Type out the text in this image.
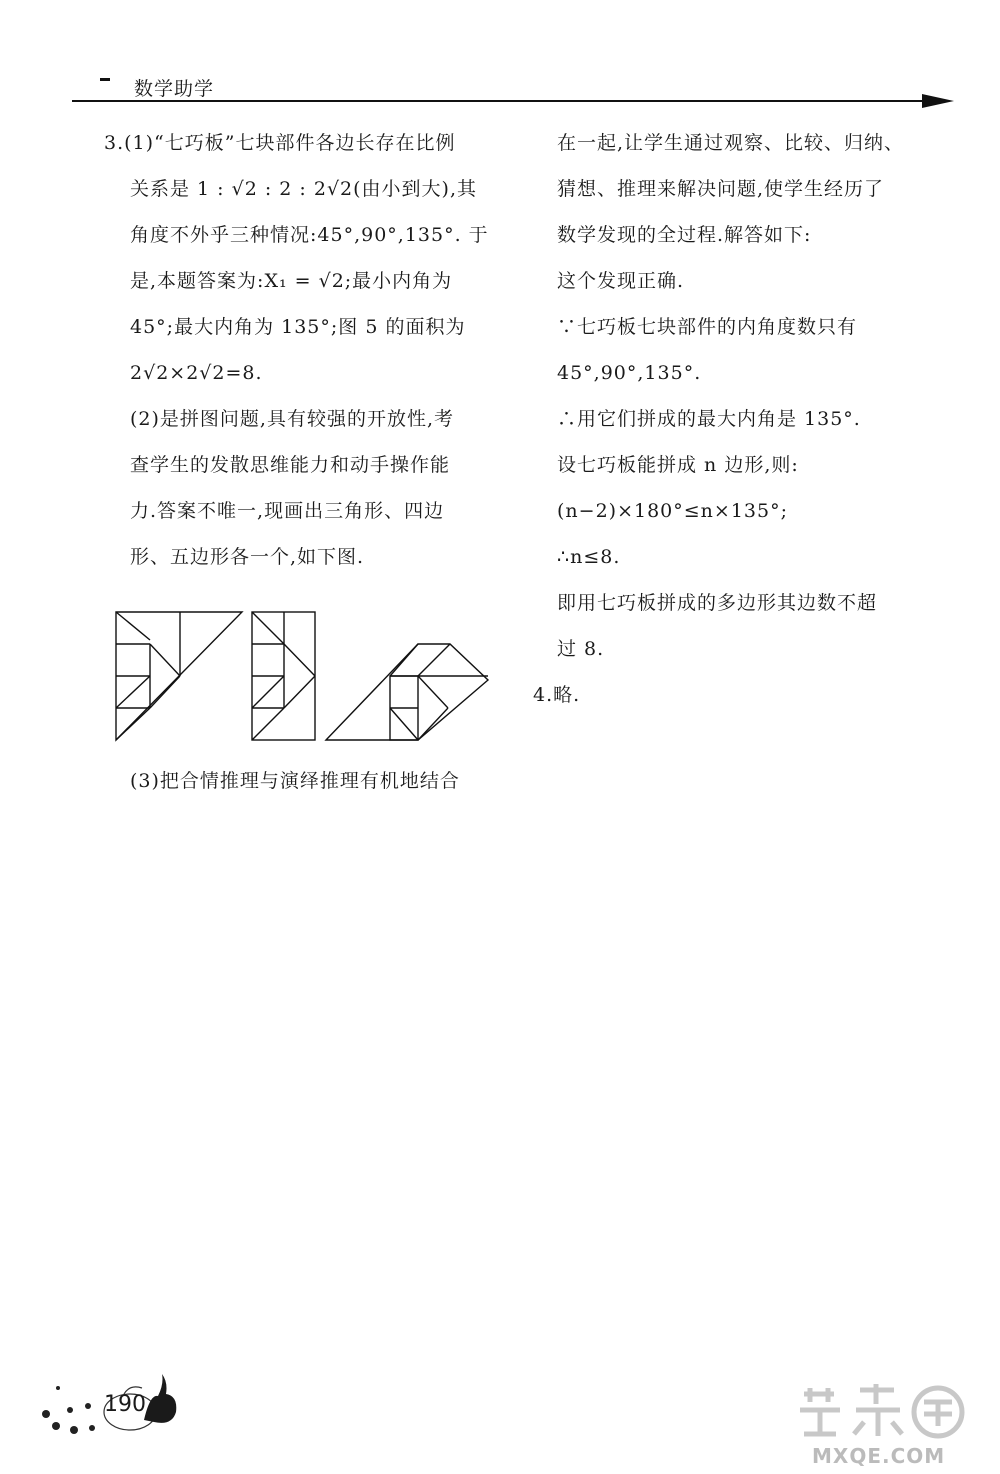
数学助学
3.(1)“七巧板”七块部件各边长存在比例
关系是 1 : √2 : 2 : 2√2(由小到大),其
角度不外乎三种情况:45°,90°,135°. 于
是,本题答案为:X₁ = √2;最小内角为
45°;最大内角为 135°;图 5 的面积为
2√2×2√2=8.
(2)是拼图问题,具有较强的开放性,考
查学生的发散思维能力和动手操作能
力.答案不唯一,现画出三角形、四边
形、五边形各一个,如下图.
(3)把合情推理与演绎推理有机地结合
在一起,让学生通过观察、比较、归纳、
猜想、推理来解决问题,使学生经历了
数学发现的全过程.解答如下:
这个发现正确.
∵七巧板七块部件的内角度数只有
45°,90°,135°.
∴用它们拼成的最大内角是 135°.
设七巧板能拼成 n 边形,则:
(n−2)×180°≤n×135°;
∴n≤8.
即用七巧板拼成的多边形其边数不超
过 8.
4.略.
190
MXQE.COM
